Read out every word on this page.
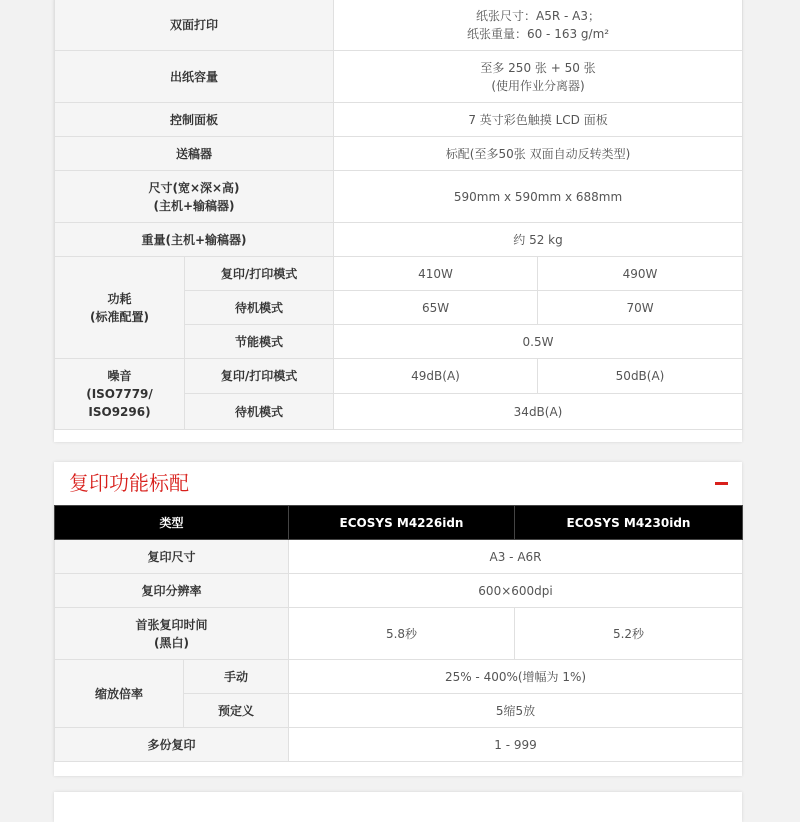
双面打印		纸张尺寸：A5R - A3；
纸张重量：60 - 163 g/m²	

出纸容量		至多 250 张 + 50 张
(使用作业分离器)	

控制面板		7 英寸彩色触摸 LCD 面板	
送稿器		标配(至多50张 双面自动反转类型)	

尺寸(宽×深×高)
(主机+输稿器)		590mm x 590mm x 688mm	
重量(主机+输稿器)		约 52 kg	

功耗
(标准配置)	复印/打印模式	410W	490W
	待机模式	65W	70W
	节能模式	0.5W	

噪音
(ISO7779/
ISO9296)	复印/打印模式	49dB(A)	50dB(A)
	待机模式	34dB(A)	
复印功能标配
类型		ECOSYS M4226idn	ECOSYS M4230idn
复印尺寸		A3 - A6R	
复印分辨率		600×600dpi	

首张复印时间
(黑白)		5.8秒	5.2秒
缩放倍率	手动	25% - 400%(增幅为 1%)	
	预定义	5缩5放	
多份复印		1 - 999	
